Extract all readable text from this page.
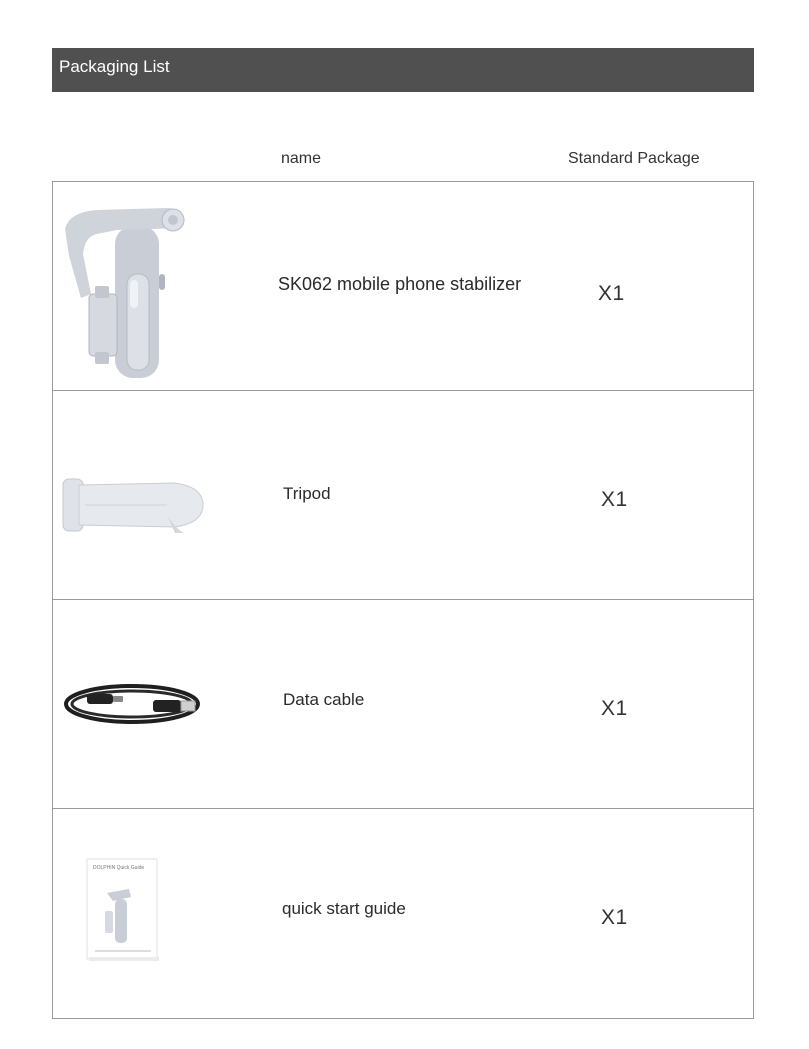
Packaging List
name	Standard Package
SK062 mobile phone stabilizer	X1
Tripod	X1
Data cable	X1
DOLPHIN Quick Guide
quick start guide	X1
